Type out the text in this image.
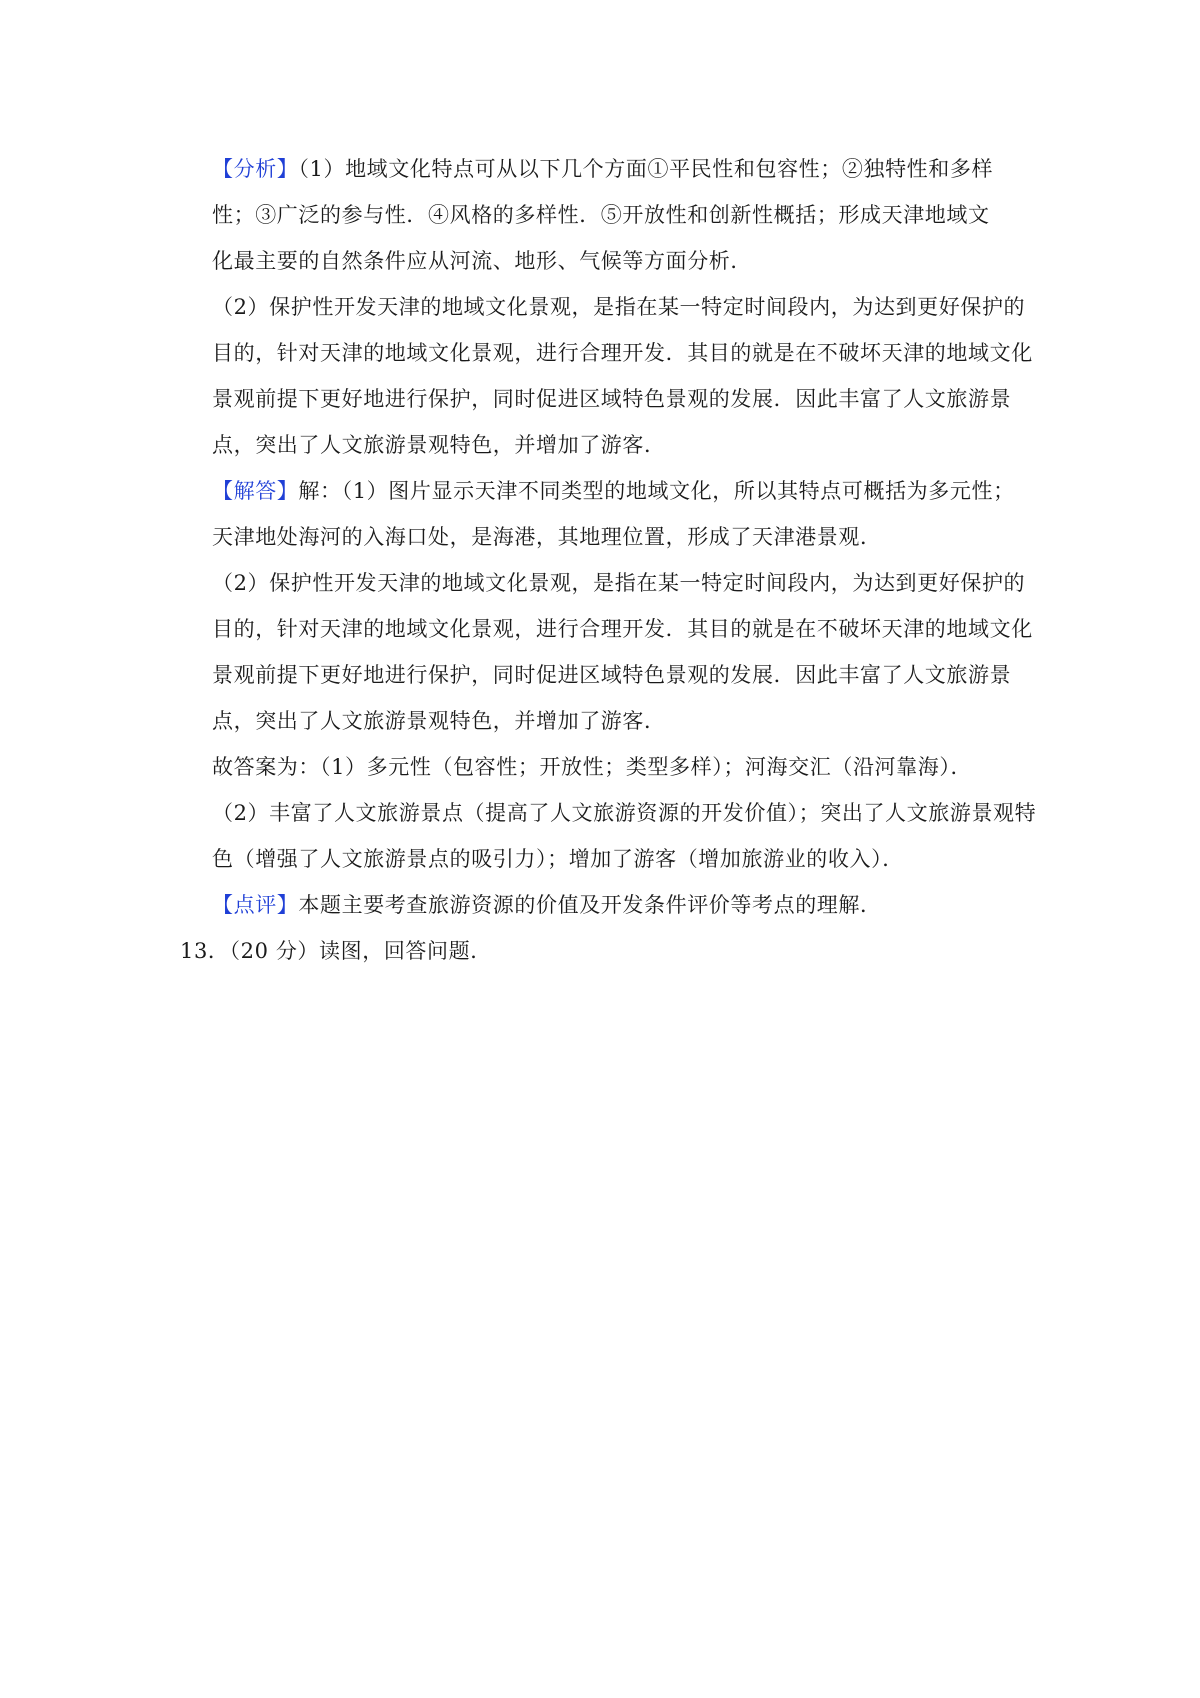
【分析】（1）地域文化特点可从以下几个方面①平民性和包容性；②独特性和多样
性；③广泛的参与性．④风格的多样性．⑤开放性和创新性概括；形成天津地域文
化最主要的自然条件应从河流、地形、气候等方面分析．
（2）保护性开发天津的地域文化景观，是指在某一特定时间段内，为达到更好保护的
目的，针对天津的地域文化景观，进行合理开发．其目的就是在不破坏天津的地域文化
景观前提下更好地进行保护，同时促进区域特色景观的发展．因此丰富了人文旅游景
点，突出了人文旅游景观特色，并增加了游客．
【解答】解：（1）图片显示天津不同类型的地域文化，所以其特点可概括为多元性；
天津地处海河的入海口处，是海港，其地理位置，形成了天津港景观．
（2）保护性开发天津的地域文化景观，是指在某一特定时间段内，为达到更好保护的
目的，针对天津的地域文化景观，进行合理开发．其目的就是在不破坏天津的地域文化
景观前提下更好地进行保护，同时促进区域特色景观的发展．因此丰富了人文旅游景
点，突出了人文旅游景观特色，并增加了游客．
故答案为：（1）多元性（包容性；开放性；类型多样）；河海交汇（沿河靠海）．
（2）丰富了人文旅游景点（提高了人文旅游资源的开发价值）；突出了人文旅游景观特
色（增强了人文旅游景点的吸引力）；增加了游客（增加旅游业的收入）．
【点评】本题主要考查旅游资源的价值及开发条件评价等考点的理解．
13．（20 分）读图，回答问题．
